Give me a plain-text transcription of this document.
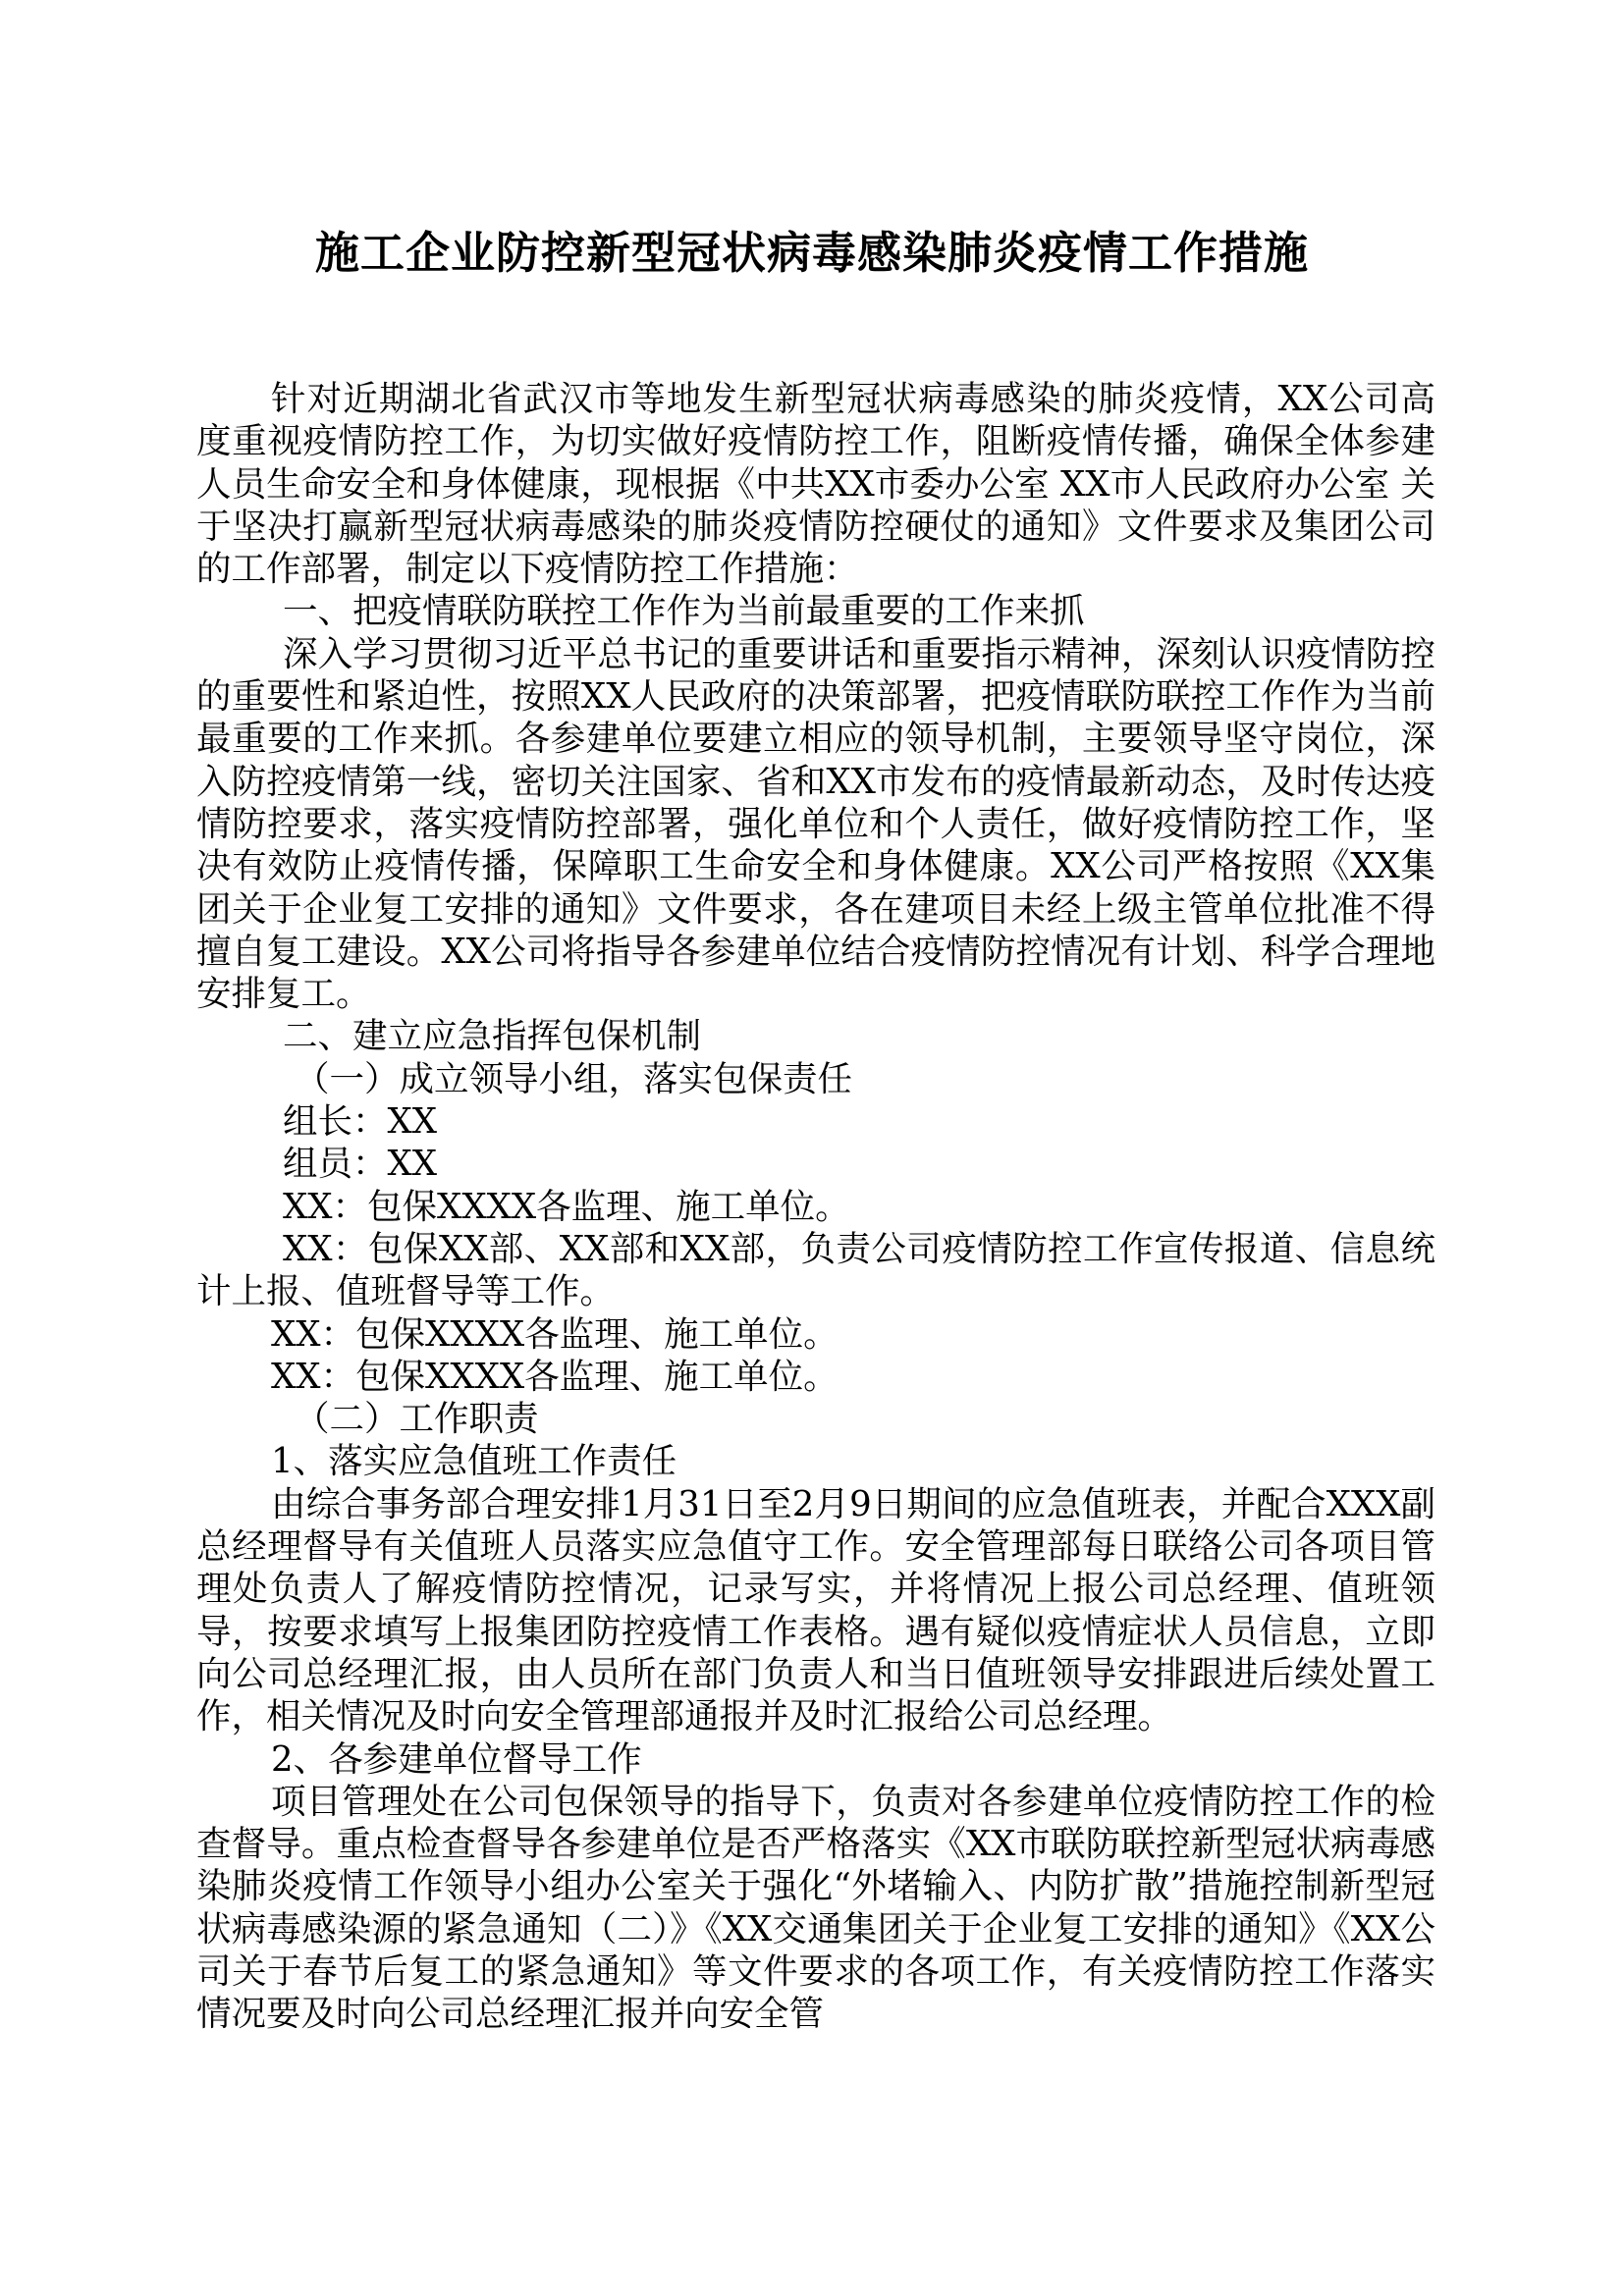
施工企业防控新型冠状病毒感染肺炎疫情工作措施

针对近期湖北省武汉市等地发生新型冠状病毒感染的肺炎疫情，XX公司高度重视疫情防控工作，为切实做好疫情防控工作，阻断疫情传播，确保全体参建人员生命安全和身体健康，现根据《中共XX市委办公室 XX市人民政府办公室 关于坚决打赢新型冠状病毒感染的肺炎疫情防控硬仗的通知》文件要求及集团公司的工作部署，制定以下疫情防控工作措施：

一、把疫情联防联控工作作为当前最重要的工作来抓

深入学习贯彻习近平总书记的重要讲话和重要指示精神，深刻认识疫情防控的重要性和紧迫性，按照XX人民政府的决策部署，把疫情联防联控工作作为当前最重要的工作来抓。各参建单位要建立相应的领导机制，主要领导坚守岗位，深入防控疫情第一线，密切关注国家、省和XX市发布的疫情最新动态，及时传达疫情防控要求，落实疫情防控部署，强化单位和个人责任，做好疫情防控工作，坚决有效防止疫情传播，保障职工生命安全和身体健康。XX公司严格按照《XX集团关于企业复工安排的通知》文件要求，各在建项目未经上级主管单位批准不得擅自复工建设。XX公司将指导各参建单位结合疫情防控情况有计划、科学合理地安排复工。

二、建立应急指挥包保机制

（一）成立领导小组，落实包保责任

组长：XX

组员：XX

XX：包保XXXX各监理、施工单位。

XX：包保XX部、XX部和XX部，负责公司疫情防控工作宣传报道、信息统计上报、值班督导等工作。

XX：包保XXXX各监理、施工单位。

XX：包保XXXX各监理、施工单位。

（二）工作职责

1、落实应急值班工作责任

由综合事务部合理安排1月31日至2月9日期间的应急值班表，并配合XXX副总经理督导有关值班人员落实应急值守工作。安全管理部每日联络公司各项目管理处负责人了解疫情防控情况，记录写实，并将情况上报公司总经理、值班领导，按要求填写上报集团防控疫情工作表格。遇有疑似疫情症状人员信息，立即向公司总经理汇报，由人员所在部门负责人和当日值班领导安排跟进后续处置工作，相关情况及时向安全管理部通报并及时汇报给公司总经理。

2、各参建单位督导工作

项目管理处在公司包保领导的指导下，负责对各参建单位疫情防控工作的检查督导。重点检查督导各参建单位是否严格落实《XX市联防联控新型冠状病毒感染肺炎疫情工作领导小组办公室关于强化“外堵输入、内防扩散”措施控制新型冠状病毒感染源的紧急通知（二）》《XX交通集团关于企业复工安排的通知》《XX公司关于春节后复工的紧急通知》等文件要求的各项工作，有关疫情防控工作落实情况要及时向公司总经理汇报并向安全管
